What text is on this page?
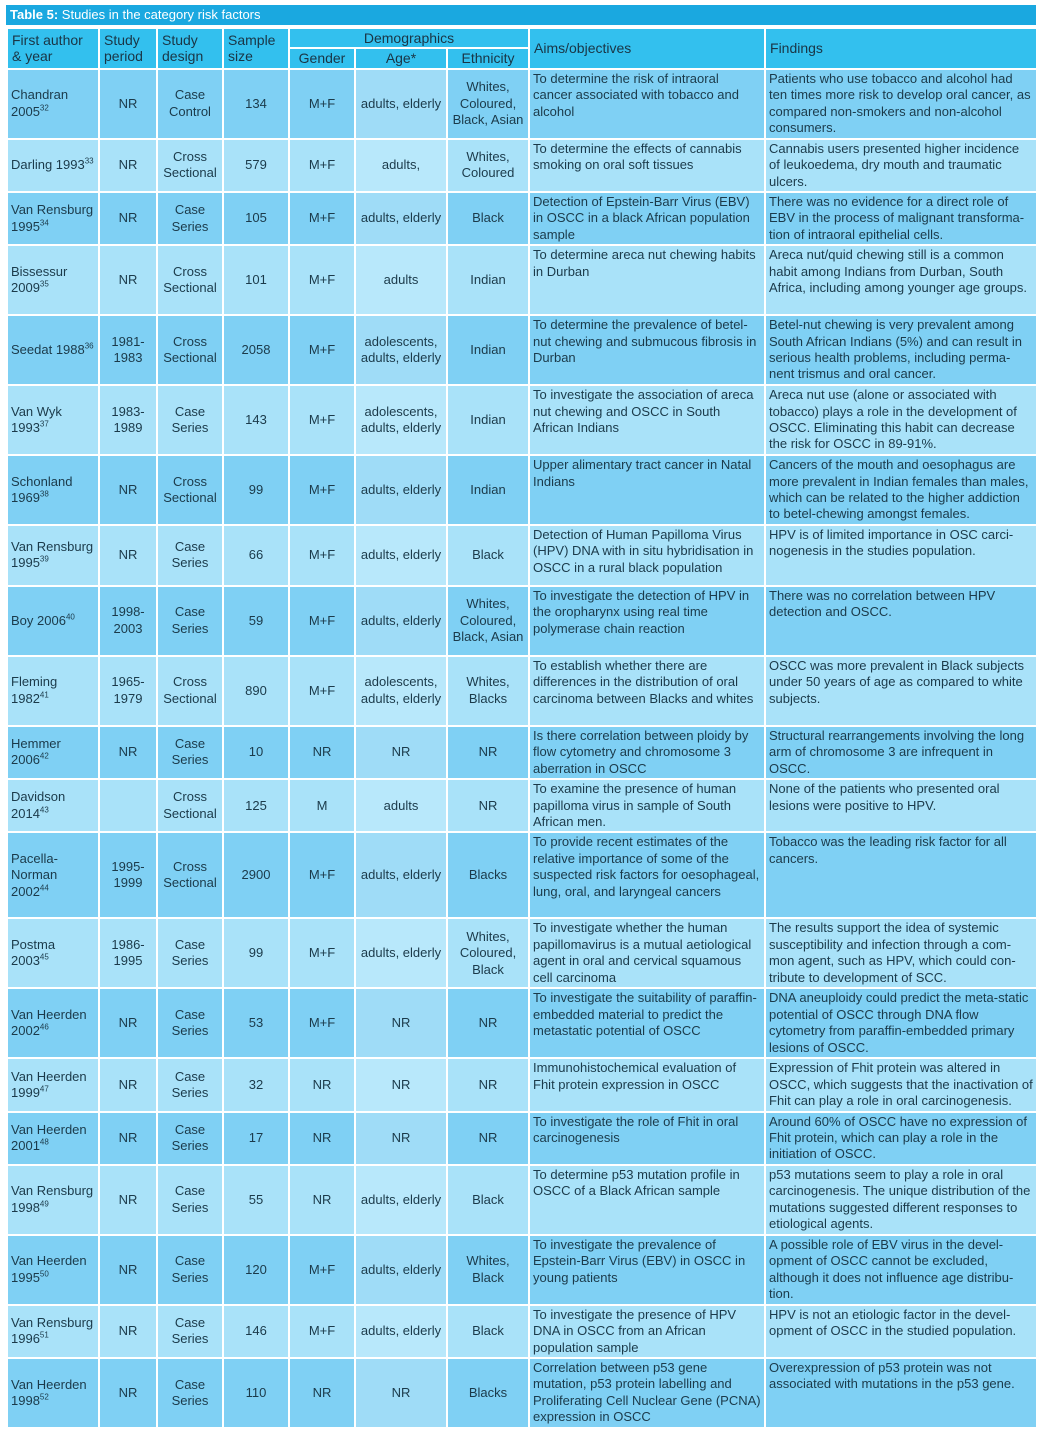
Table 5: Studies in the category risk factors
First author & year	Study period	Study design	Sample size	Demographics			Aims/objectives	Findings
				Gender	Age*	Ethnicity		
Chandran 2005$^{32}$	NR	Case Control	134	M+F	adults, elderly	Whites, Coloured, Black, Asian	To determine the risk of intraoral cancer associated with tobacco and alcohol	Patients who use tobacco and alcohol had ten times more risk to develop oral cancer, as compared non-smokers and non-alcohol consumers.
Darling 1993$^{33}$	NR	Cross Sectional	579	M+F	adults,	Whites, Coloured	To determine the effects of cannabis smoking on oral soft tissues	Cannabis users presented higher incidence of leukoedema, dry mouth and traumatic ulcers.
Van Rensburg 1995$^{34}$	NR	Case Series	105	M+F	adults, elderly	Black	Detection of Epstein-Barr Virus (EBV) in OSCC in a black African population sample	There was no evidence for a direct role of EBV in the process of malignant transforma-tion of intraoral epithelial cells.
Bissessur 2009$^{35}$	NR	Cross Sectional	101	M+F	adults	Indian	To determine areca nut chewing habits in Durban	Areca nut/quid chewing still is a common habit among Indians from Durban, South Africa, including among younger age groups.
Seedat 1988$^{36}$	1981-1983	Cross Sectional	2058	M+F	adolescents, adults, elderly	Indian	To determine the prevalence of betel-nut chewing and submucous fibrosis in Durban	Betel-nut chewing is very prevalent among South African Indians (5%) and can result in serious health problems, including perma-nent trismus and oral cancer.
Van Wyk 1993$^{37}$	1983-1989	Case Series	143	M+F	adolescents, adults, elderly	Indian	To investigate the association of areca nut chewing and OSCC in South African Indians	Areca nut use (alone or associated with tobacco) plays a role in the development of OSCC. Eliminating this habit can decrease the risk for OSCC in 89-91%.
Schonland 1969$^{38}$	NR	Cross Sectional	99	M+F	adults, elderly	Indian	Upper alimentary tract cancer in Natal Indians	Cancers of the mouth and oesophagus are more prevalent in Indian females than males, which can be related to the higher addiction to betel-chewing amongst females.
Van Rensburg 1995$^{39}$	NR	Case Series	66	M+F	adults, elderly	Black	Detection of Human Papilloma Virus (HPV) DNA with in situ hybridisation in OSCC in a rural black population	HPV is of limited importance in OSC carci-nogenesis in the studies population.
Boy 2006$^{40}$	1998-2003	Case Series	59	M+F	adults, elderly	Whites, Coloured, Black, Asian	To investigate the detection of HPV in the oropharynx using real time polymerase chain reaction	There was no correlation between HPV detection and OSCC.
Fleming 1982$^{41}$	1965-1979	Cross Sectional	890	M+F	adolescents, adults, elderly	Whites, Blacks	To establish whether there are differences in the distribution of oral carcinoma between Blacks and whites	OSCC was more prevalent in Black subjects under 50 years of age as compared to white subjects.
Hemmer 2006$^{42}$	NR	Case Series	10	NR	NR	NR	Is there correlation between ploidy by flow cytometry and chromosome 3 aberration in OSCC	Structural rearrangements involving the long arm of chromosome 3 are infrequent in OSCC.
Davidson 2014$^{43}$		Cross Sectional	125	M	adults	NR	To examine the presence of human papilloma virus in sample of South African men.	None of the patients who presented oral lesions were positive to HPV.
Pacella-Norman 2002$^{44}$	1995-1999	Cross Sectional	2900	M+F	adults, elderly	Blacks	To provide recent estimates of the relative importance of some of the suspected risk factors for oesophageal, lung, oral, and laryngeal cancers	Tobacco was the leading risk factor for all cancers.
Postma 2003$^{45}$	1986-1995	Case Series	99	M+F	adults, elderly	Whites, Coloured, Black	To investigate whether the human papillomavirus is a mutual aetiological agent in oral and cervical squamous cell carcinoma	The results support the idea of systemic susceptibility and infection through a com-mon agent, such as HPV, which could con-tribute to development of SCC.
Van Heerden 2002$^{46}$	NR	Case Series	53	M+F	NR	NR	To investigate the suitability of paraffin-embedded material to predict the metastatic potential of OSCC	DNA aneuploidy could predict the meta-static potential of OSCC through DNA flow cytometry from paraffin-embedded primary lesions of OSCC.
Van Heerden 1999$^{47}$	NR	Case Series	32	NR	NR	NR	Immunohistochemical evaluation of Fhit protein expression in OSCC	Expression of Fhit protein was altered in OSCC, which suggests that the inactivation of Fhit can play a role in oral carcinogenesis.
Van Heerden 2001$^{48}$	NR	Case Series	17	NR	NR	NR	To investigate the role of Fhit in oral carcinogenesis	Around 60% of OSCC have no expression of Fhit protein, which can play a role in the initiation of OSCC.
Van Rensburg 1998$^{49}$	NR	Case Series	55	NR	adults, elderly	Black	To determine p53 mutation profile in OSCC of a Black African sample	p53 mutations seem to play a role in oral carcinogenesis. The unique distribution of the mutations suggested different responses to etiological agents.
Van Heerden 1995$^{50}$	NR	Case Series	120	M+F	adults, elderly	Whites, Black	To investigate the prevalence of Epstein-Barr Virus (EBV) in OSCC in young patients	A possible role of EBV virus in the devel-opment of OSCC cannot be excluded, although it does not influence age distribu-tion.
Van Rensburg 1996$^{51}$	NR	Case Series	146	M+F	adults, elderly	Black	To investigate the presence of HPV DNA in OSCC from an African population sample	HPV is not an etiologic factor in the devel-opment of OSCC in the studied population.
Van Heerden 1998$^{52}$	NR	Case Series	110	NR	NR	Blacks	Correlation between p53 gene mutation, p53 protein labelling and Proliferating Cell Nuclear Gene (PCNA) expression in OSCC	Overexpression of p53 protein was not associated with mutations in the p53 gene.
